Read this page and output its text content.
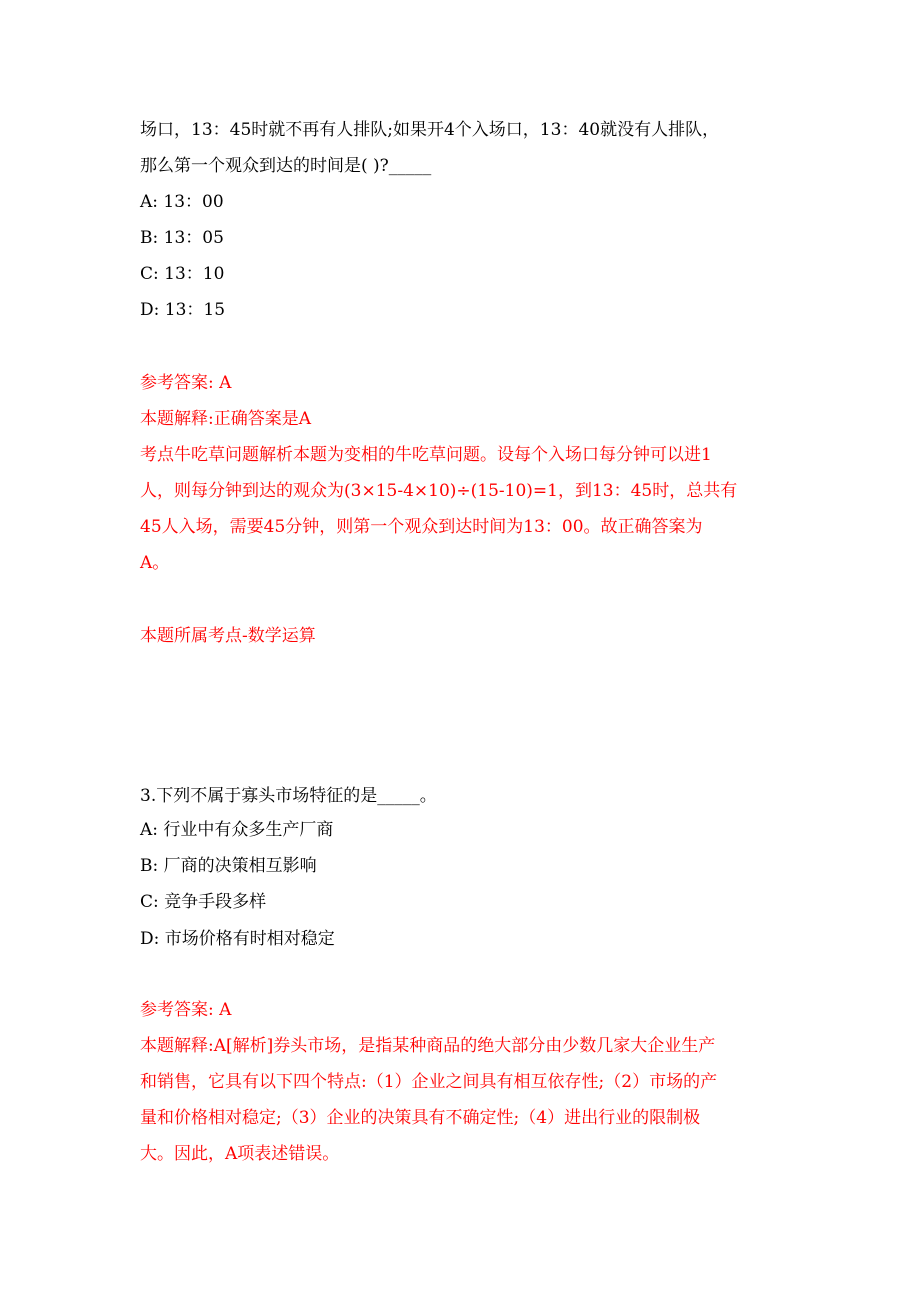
场口，13：45时就不再有人排队;如果开4个入场口，13：40就没有人排队，
那么第一个观众到达的时间是( )?_____
A: 13：00
B: 13：05
C: 13：10
D: 13：15
参考答案: A
本题解释:正确答案是A
考点牛吃草问题解析本题为变相的牛吃草问题。设每个入场口每分钟可以进1
人，则每分钟到达的观众为(3×15-4×10)÷(15-10)=1，到13：45时，总共有
45人入场，需要45分钟，则第一个观众到达时间为13：00。故正确答案为
A。
本题所属考点-数学运算
3.下列不属于寡头市场特征的是_____。
A: 行业中有众多生产厂商
B: 厂商的决策相互影响
C: 竞争手段多样
D: 市场价格有时相对稳定
参考答案: A
本题解释:A[解析]券头市场，是指某种商品的绝大部分由少数几家大企业生产
和销售，它具有以下四个特点:（1）企业之间具有相互依存性;（2）市场的产
量和价格相对稳定;（3）企业的决策具有不确定性;（4）进出行业的限制极
大。因此，A项表述错误。
